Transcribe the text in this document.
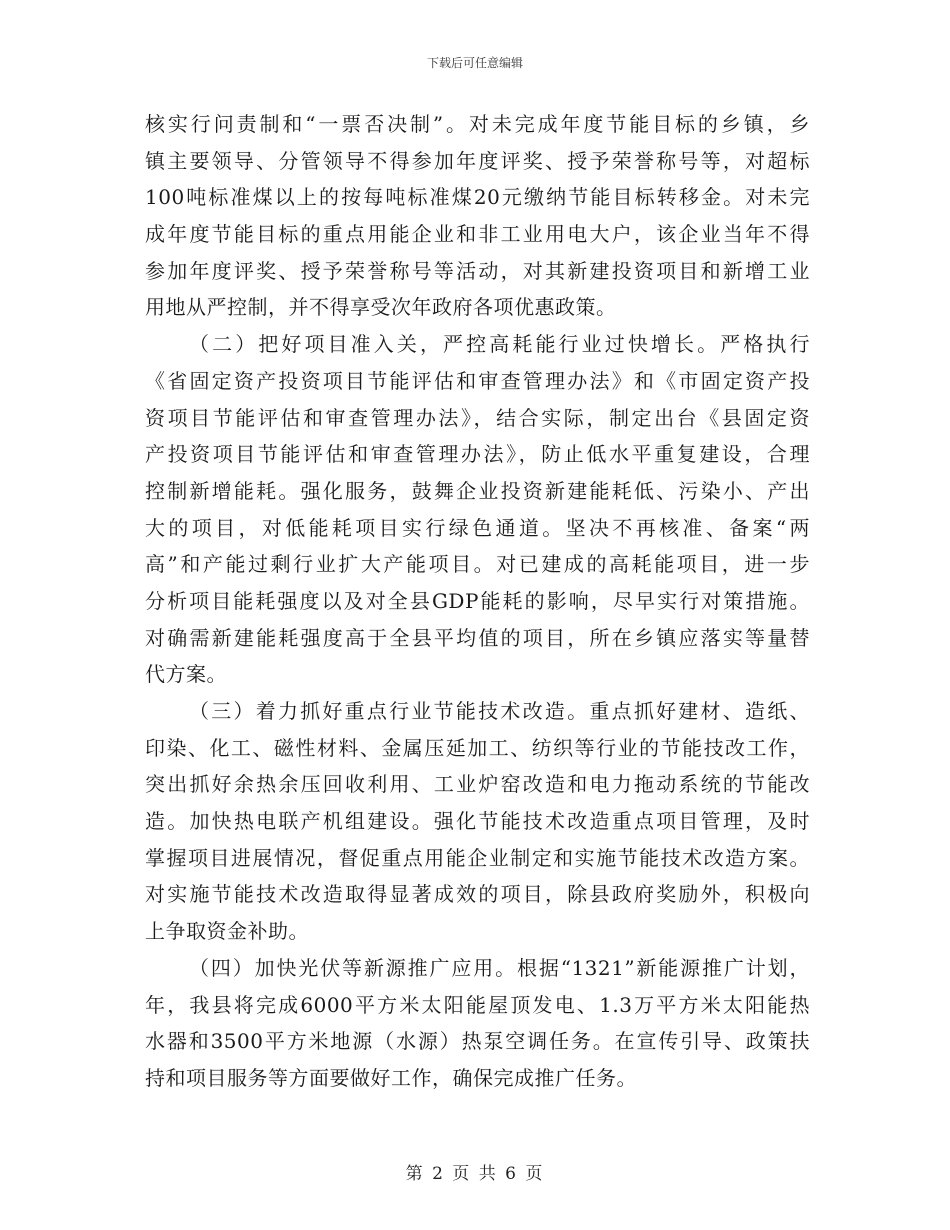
下载后可任意编辑
核实行问责制和“一票否决制”。对未完成年度节能目标的乡镇，乡
镇主要领导、分管领导不得参加年度评奖、授予荣誉称号等，对超标
100吨标准煤以上的按每吨标准煤20元缴纳节能目标转移金。对未完
成年度节能目标的重点用能企业和非工业用电大户，该企业当年不得
参加年度评奖、授予荣誉称号等活动，对其新建投资项目和新增工业
用地从严控制，并不得享受次年政府各项优惠政策。
（二）把好项目准入关，严控高耗能行业过快增长。严格执行
《省固定资产投资项目节能评估和审查管理办法》和《市固定资产投
资项目节能评估和审查管理办法》，结合实际，制定出台《县固定资
产投资项目节能评估和审查管理办法》，防止低水平重复建设，合理
控制新增能耗。强化服务，鼓舞企业投资新建能耗低、污染小、产出
大的项目，对低能耗项目实行绿色通道。坚决不再核准、备案“两
高”和产能过剩行业扩大产能项目。对已建成的高耗能项目，进一步
分析项目能耗强度以及对全县GDP能耗的影响，尽早实行对策措施。
对确需新建能耗强度高于全县平均值的项目，所在乡镇应落实等量替
代方案。
（三）着力抓好重点行业节能技术改造。重点抓好建材、造纸、
印染、化工、磁性材料、金属压延加工、纺织等行业的节能技改工作，
突出抓好余热余压回收利用、工业炉窑改造和电力拖动系统的节能改
造。加快热电联产机组建设。强化节能技术改造重点项目管理，及时
掌握项目进展情况，督促重点用能企业制定和实施节能技术改造方案。
对实施节能技术改造取得显著成效的项目，除县政府奖励外，积极向
上争取资金补助。
（四）加快光伏等新源推广应用。根据“1321”新能源推广计划，
年，我县将完成6000平方米太阳能屋顶发电、1.3万平方米太阳能热
水器和3500平方米地源（水源）热泵空调任务。在宣传引导、政策扶
持和项目服务等方面要做好工作，确保完成推广任务。
第 2 页 共 6 页
